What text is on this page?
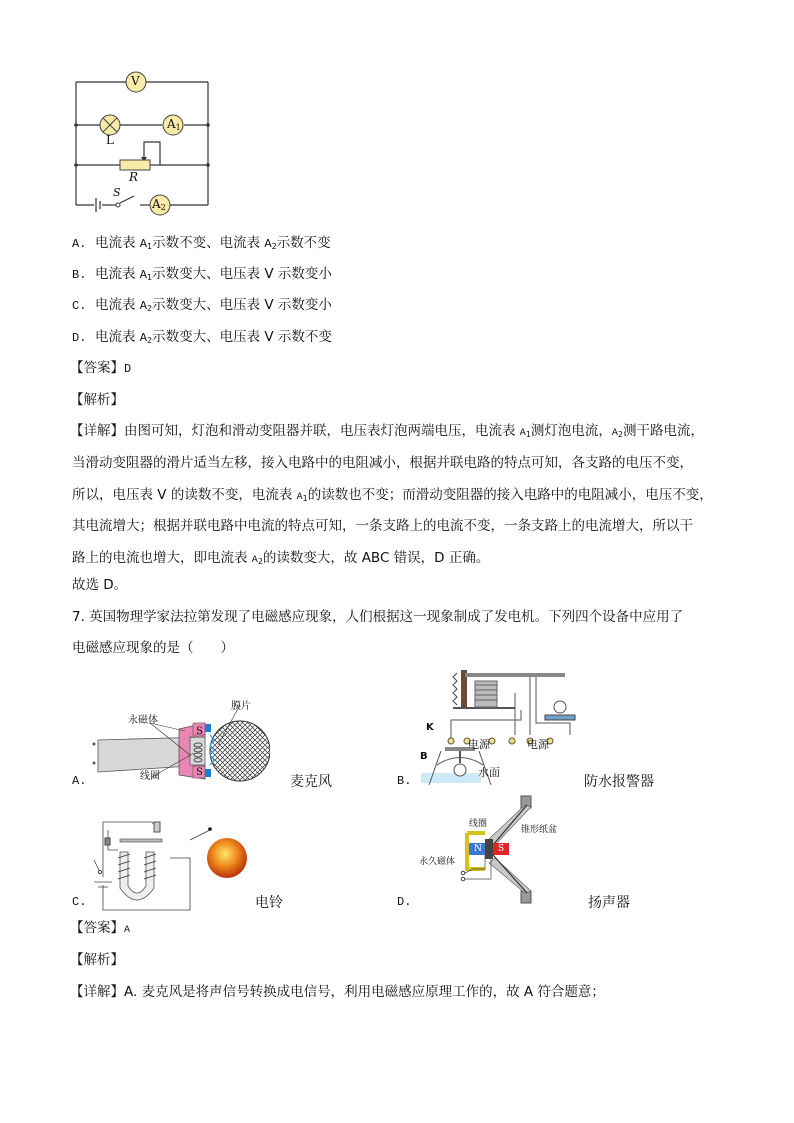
V
$A_1$
L
R
S
$A_2$
A. 电流表 $A_1$示数不变、电流表 $A_2$示数不变
B. 电流表 $A_1$示数变大、电压表 V 示数变小
C. 电流表 $A_2$示数变大、电压表 V 示数变小
D. 电流表 $A_2$示数变大、电压表 V 示数不变
【答案】D
【解析】
【详解】由图可知，灯泡和滑动变阻器并联，电压表灯泡两端电压，电流表 $A_1$测灯泡电流，$A_2$测干路电流，
当滑动变阻器的滑片适当左移，接入电路中的电阻减小，根据并联电路的特点可知，各支路的电压不变，
所以，电压表 V 的读数不变，电流表 $A_1$的读数也不变；而滑动变阻器的接入电路中的电阻减小，电压不变，
其电流增大；根据并联电路中电流的特点可知，一条支路上的电流不变，一条支路上的电流增大，所以干
路上的电流也增大，即电流表 $A_2$的读数变大，故 ABC 错误，D 正确。
故选 D。
7. 英国物理学家法拉第发现了电磁感应现象，人们根据这一现象制成了发电机。下列四个设备中应用了
电磁感应现象的是（　　）
永磁体
膜片
线圈
S
S
A.	麦克风
K
B
电源	电源
水面
B.	防水报警器
C.	电铃
线圈
锥形纸盆
永久磁体
N S
D.	扬声器
【答案】A
【解析】
【详解】A. 麦克风是将声信号转换成电信号，利用电磁感应原理工作的，故 A 符合题意；
